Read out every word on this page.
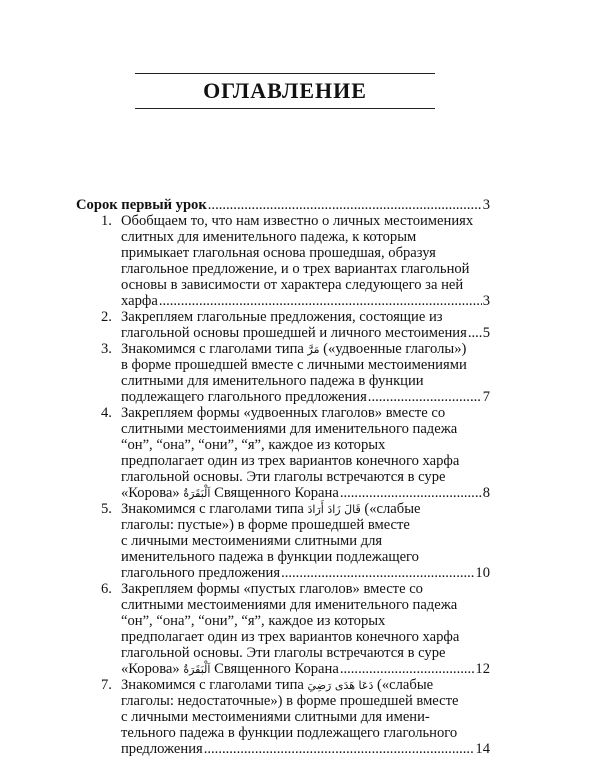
ОГЛАВЛЕНИЕ
Сорок первый урок .....	3
1. Обобщаем то, что нам известно о личных местоимениях
слитных для именительного падежа, к которым
примыкает глагольная основа прошедшая, образуя
глагольное предложение, и о трех вариантах глагольной
основы в зависимости от характера следующего за ней
харфа .....	3
2. Закрепляем глагольные предложения, состоящие из
глагольной основы прошедшей и личного местоимения ..... 5
3. Знакомимся с глаголами типа مَرَّ («удвоенные глаголы»)
в форме прошедшей вместе с личными местоимениями
слитными для именительного падежа в функции
подлежащего глагольного предложения .....	7
4. Закрепляем формы «удвоенных глаголов» вместе со
слитными местоимениями для именительного падежа
“он”, “она”, “они”, “я”, каждое из которых
предполагает один из трех вариантов конечного харфа
глагольной основы. Эти глаголы встречаются в суре
«Корова» اَلْبَقَرَةُ Священного Корана .....	8
5. Знакомимся с глаголами типа قَالَ زَادَ أَرَادَ («слабые
глаголы: пустые») в форме прошедшей вместе
с личными местоимениями слитными для
именительного падежа в функции подлежащего
глагольного предложения .....	10
6. Закрепляем формы «пустых глаголов» вместе со
слитными местоимениями для именительного падежа
“он”, “она”, “они”, “я”, каждое из которых
предполагает один из трех вариантов конечного харфа
глагольной основы. Эти глаголы встречаются в суре
«Корова» اَلْبَقَرَةُ Священного Корана .....	12
7. Знакомимся с глаголами типа دَعَا هَدَى رَضِيَ («слабые
глаголы: недостаточные») в форме прошедшей вместе
с личными местоимениями слитными для имени-
тельного падежа в функции подлежащего глагольного
предложения .....	14
